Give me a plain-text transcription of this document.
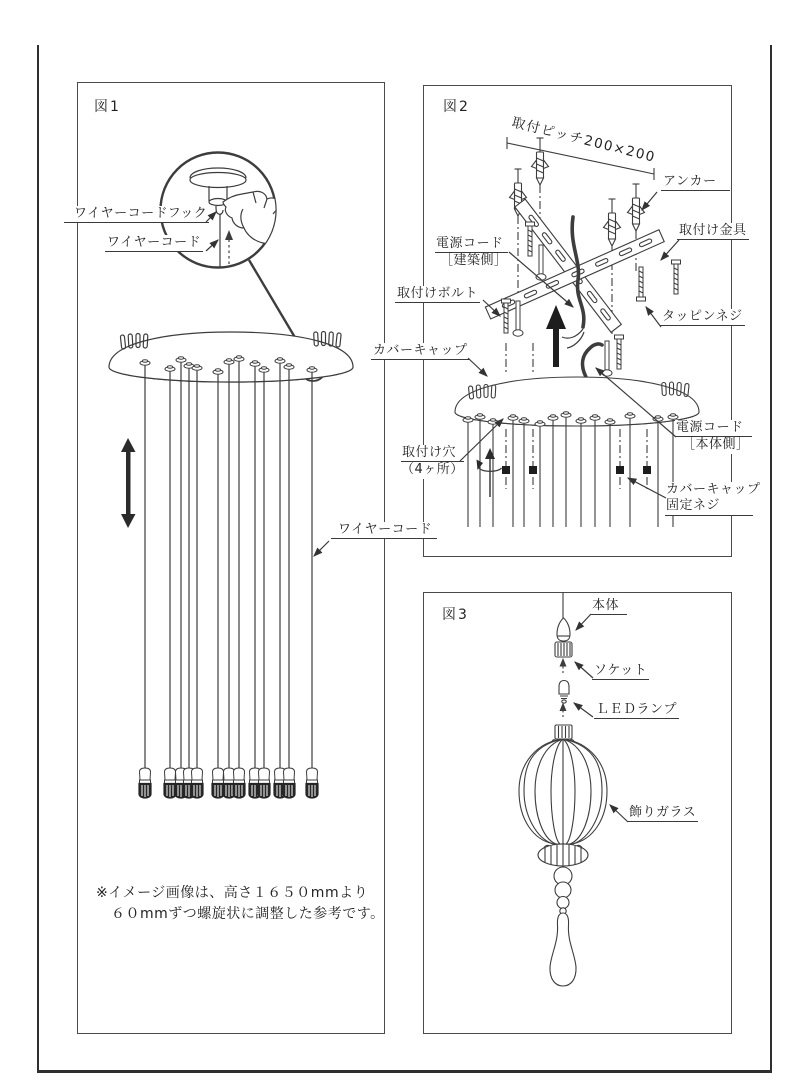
図1
ワイヤーコードフック
ワイヤーコード
ワイヤーコード
※イメージ画像は、高さ１６５０mmより
６０mmずつ螺旋状に調整した参考です。
図2
取付ピッチ200×200
アンカー
電源コード
［建築側］
取付け金具
取付けボルト
タッピンネジ
カバーキャップ
取付け穴
（4ヶ所）
電源コード
［本体側］
カバーキャップ
固定ネジ
図3
本体
ソケット
ＬＥＤランプ
飾りガラス
